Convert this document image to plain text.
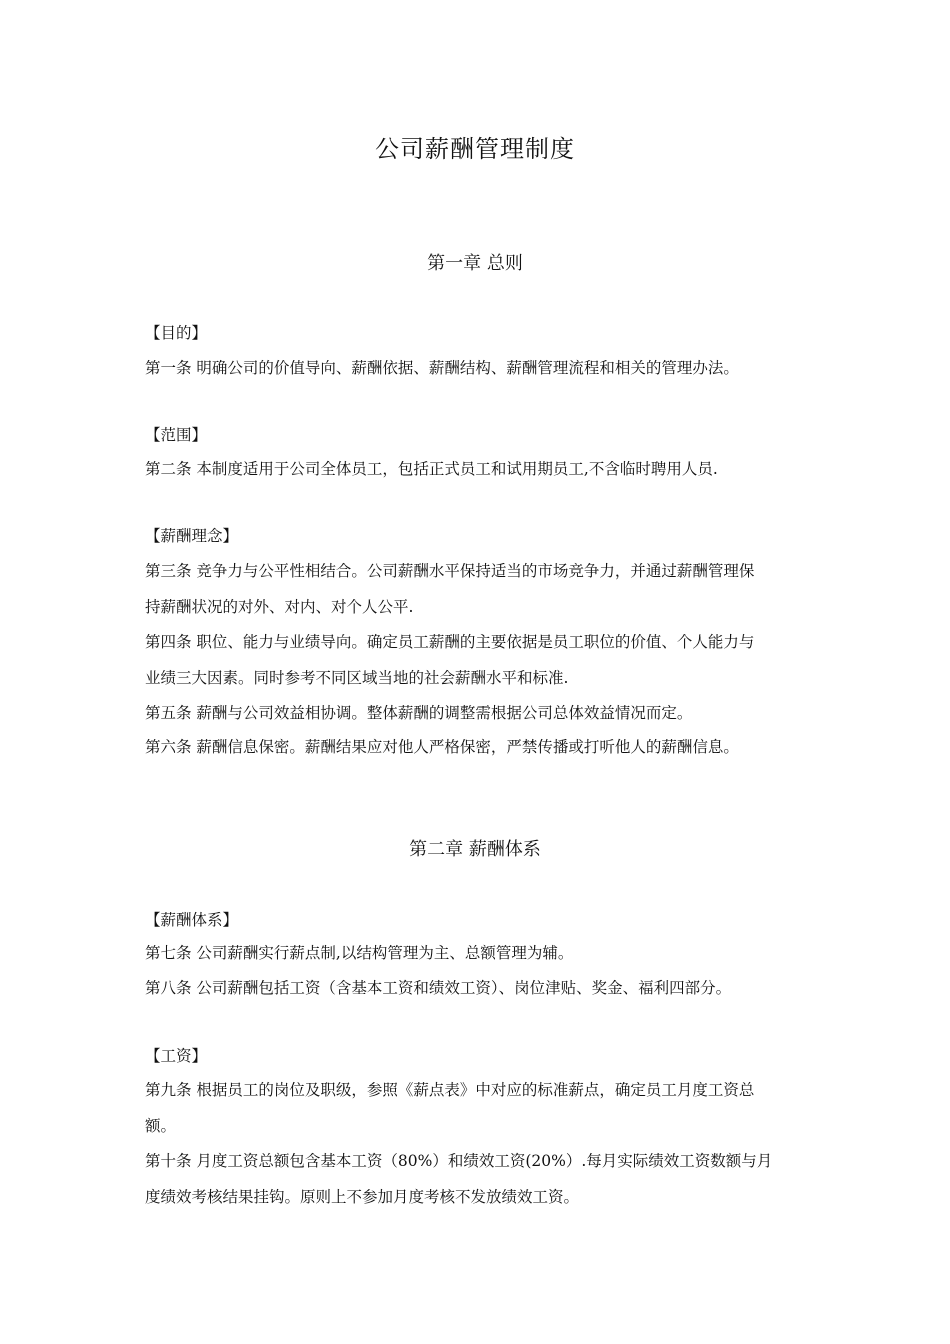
公司薪酬管理制度
第一章 总则
【目的】
第一条 明确公司的价值导向、薪酬依据、薪酬结构、薪酬管理流程和相关的管理办法。
【范围】
第二条 本制度适用于公司全体员工，包括正式员工和试用期员工,不含临时聘用人员.
【薪酬理念】
第三条 竞争力与公平性相结合。公司薪酬水平保持适当的市场竞争力，并通过薪酬管理保
持薪酬状况的对外、对内、对个人公平.
第四条 职位、能力与业绩导向。确定员工薪酬的主要依据是员工职位的价值、个人能力与
业绩三大因素。同时参考不同区域当地的社会薪酬水平和标准.
第五条 薪酬与公司效益相协调。整体薪酬的调整需根据公司总体效益情况而定。
第六条 薪酬信息保密。薪酬结果应对他人严格保密，严禁传播或打听他人的薪酬信息。
第二章 薪酬体系
【薪酬体系】
第七条 公司薪酬实行薪点制,以结构管理为主、总额管理为辅。
第八条 公司薪酬包括工资（含基本工资和绩效工资）、岗位津贴、奖金、福利四部分。
【工资】
第九条 根据员工的岗位及职级，参照《薪点表》中对应的标准薪点，确定员工月度工资总
额。
第十条 月度工资总额包含基本工资（80%）和绩效工资(20%）.每月实际绩效工资数额与月
度绩效考核结果挂钩。原则上不参加月度考核不发放绩效工资。
